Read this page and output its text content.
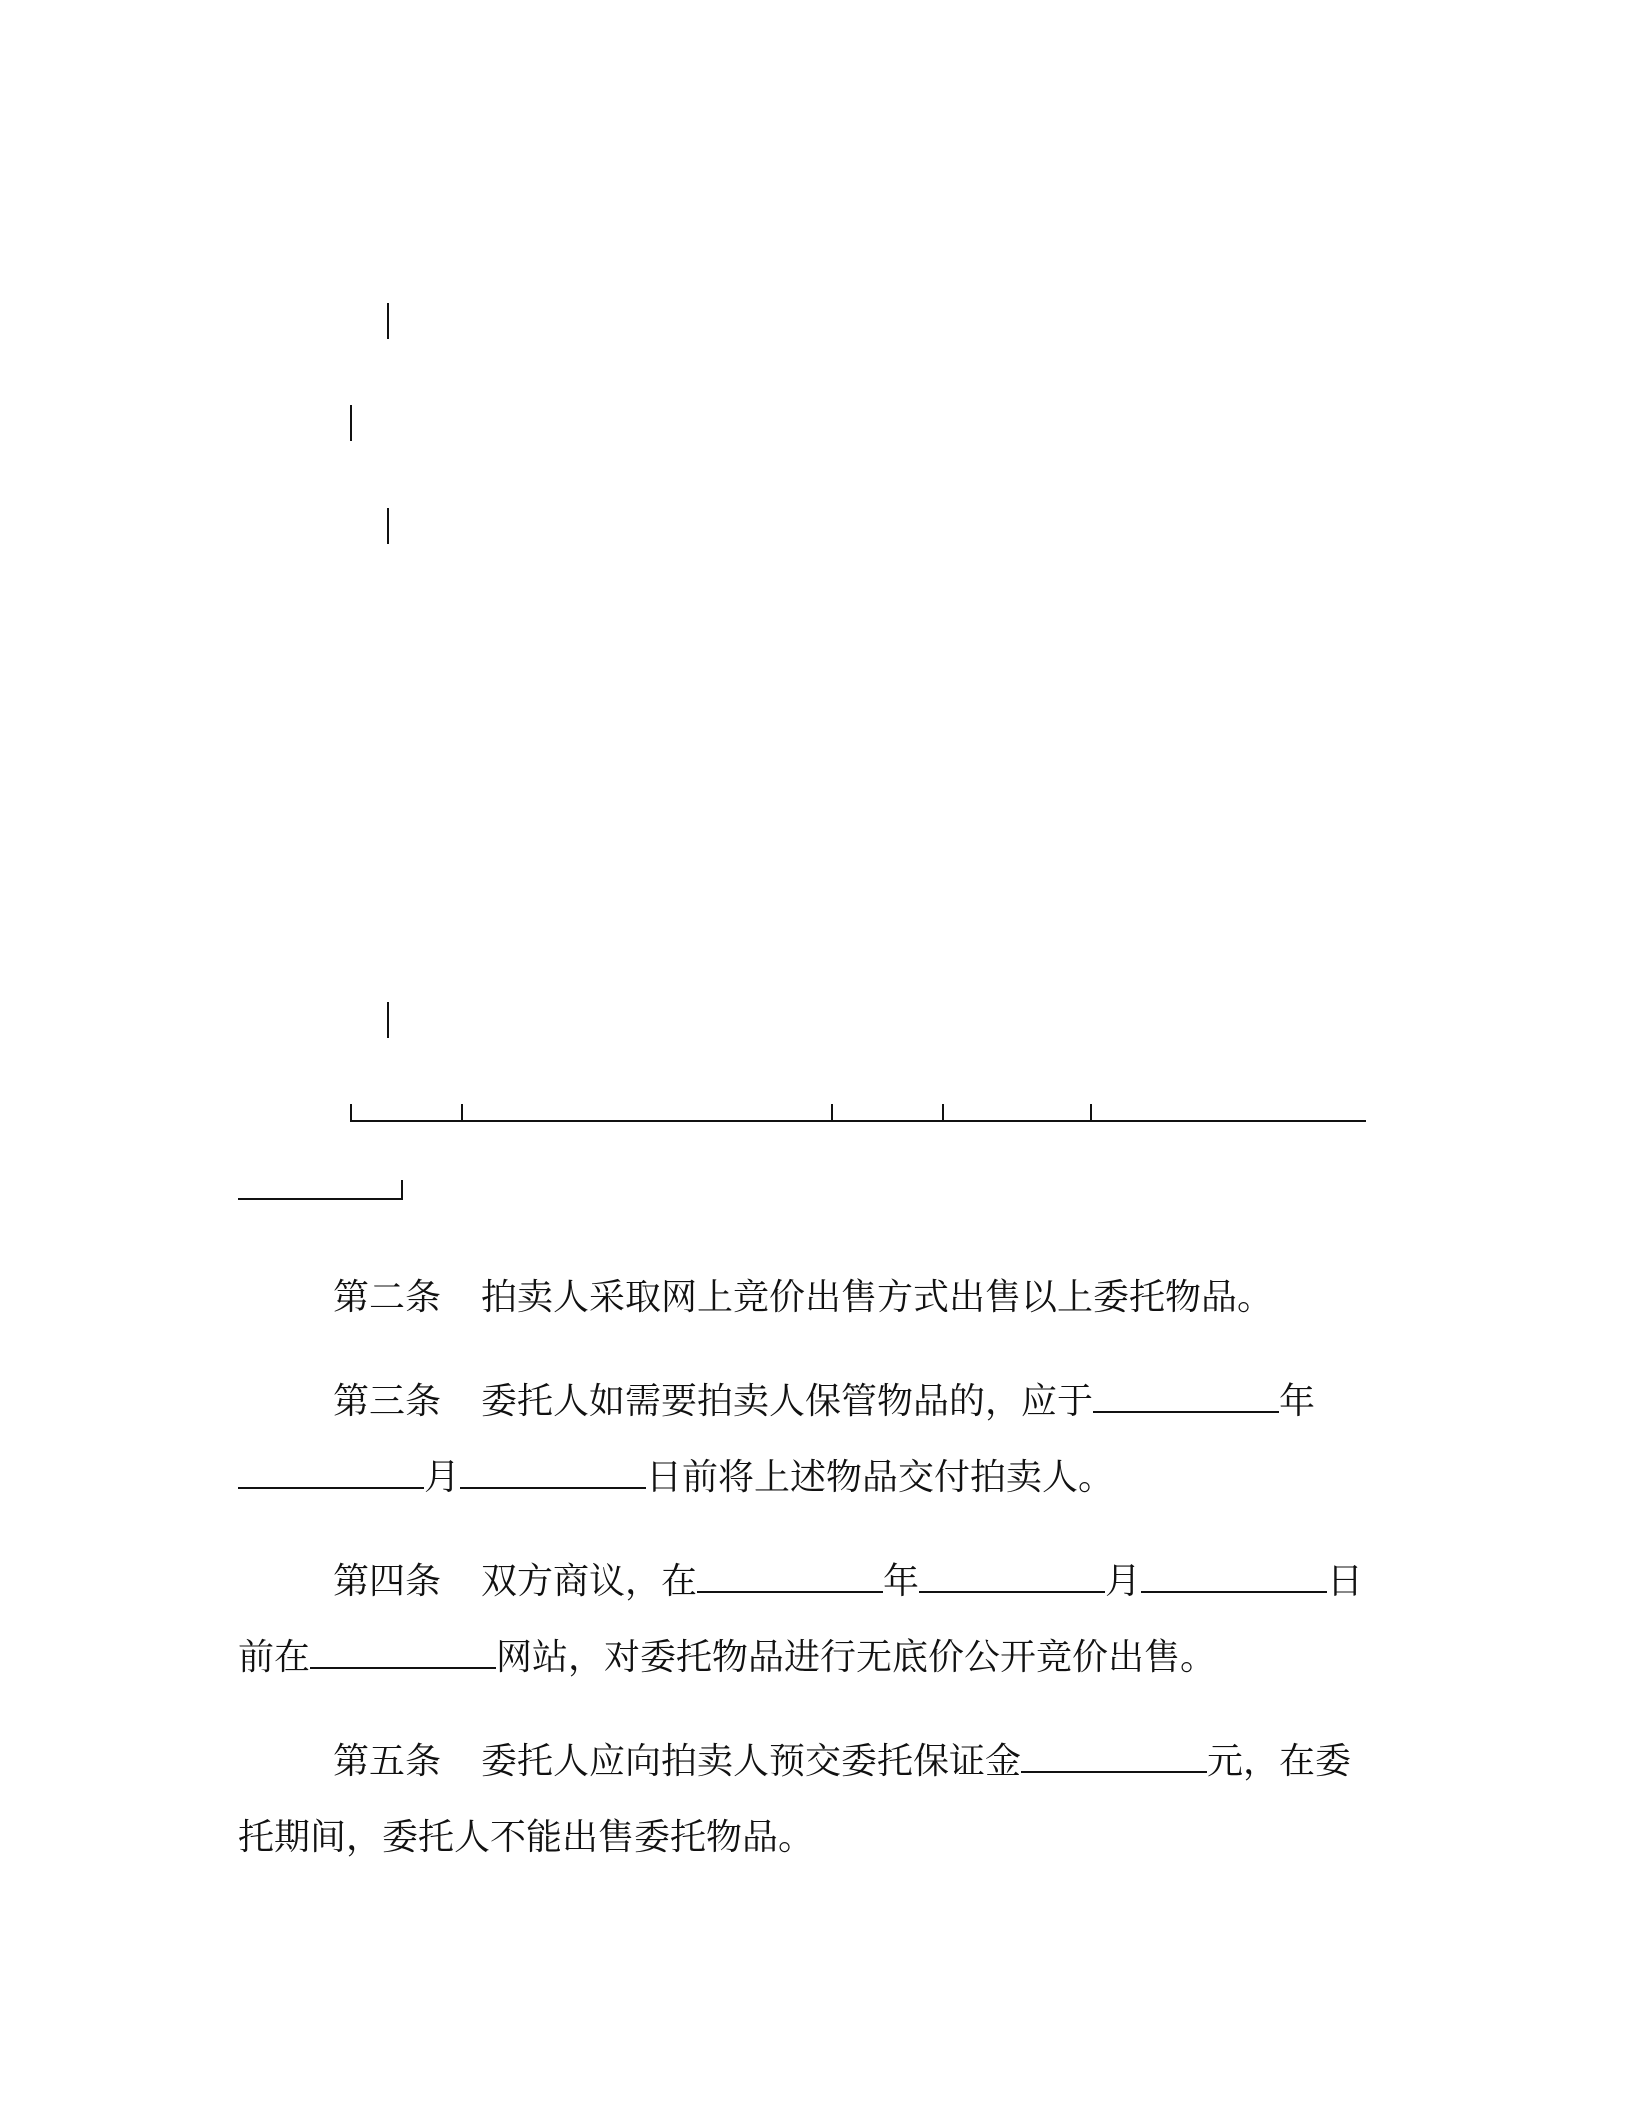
第二条 拍卖人采取网上竞价出售方式出售以上委托物品。
第三条 委托人如需要拍卖人保管物品的，应于	年
月	日前将上述物品交付拍卖人。
第四条 双方商议，在	年	月	日
前在	网站，对委托物品进行无底价公开竞价出售。
第五条 委托人应向拍卖人预交委托保证金	元，在委
托期间，委托人不能出售委托物品。
